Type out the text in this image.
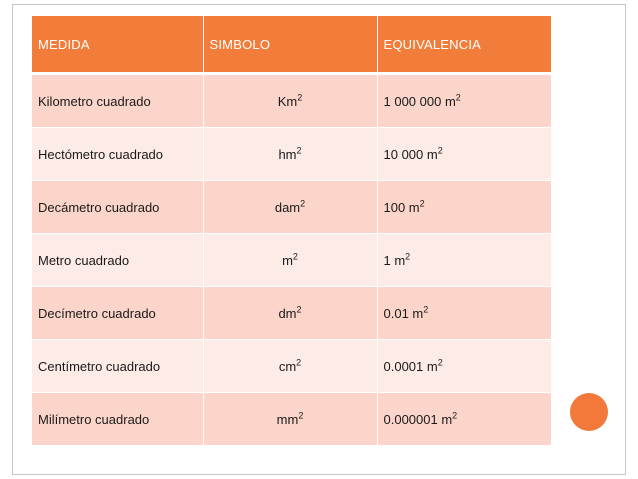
MEDIDA	SIMBOLO	EQUIVALENCIA
Kilometro cuadrado	Km$^2$	1 000 000 $m^2$
Hectómetro cuadrado	$hm^2$	10 000 $m^2$
Decámetro cuadrado	dam$^2$	100 $m^2$
Metro cuadrado	$m^2$	1 $m^2$
Decímetro cuadrado	$dm^2$	0.01 $m^2$
Centímetro cuadrado	$cm^2$	0.0001 $m^2$
Milímetro cuadrado	$mm^2$	0.000001 $m^2$
